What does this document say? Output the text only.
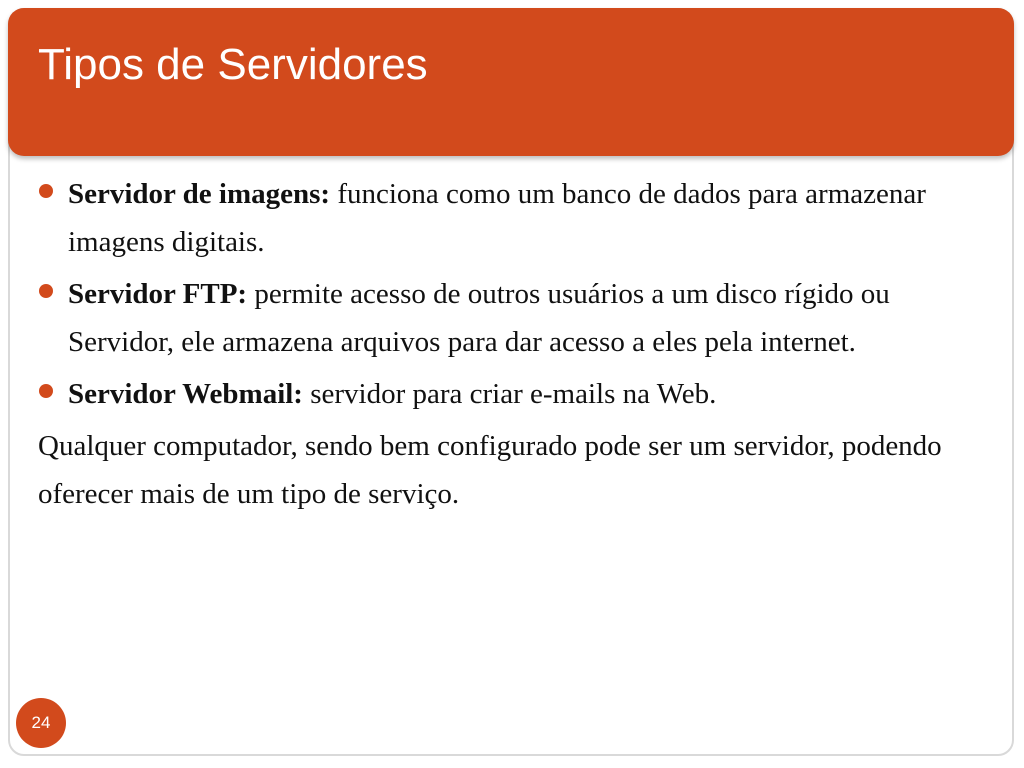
Tipos de Servidores
Servidor de imagens: funciona como um banco de dados para armazenar imagens digitais.
Servidor FTP: permite acesso de outros usuários a um disco rígido ou Servidor, ele armazena arquivos para dar acesso a eles pela internet.
Servidor Webmail: servidor para criar e-mails na Web.
Qualquer computador, sendo bem configurado pode ser um servidor, podendo oferecer mais de um tipo de serviço.
24
